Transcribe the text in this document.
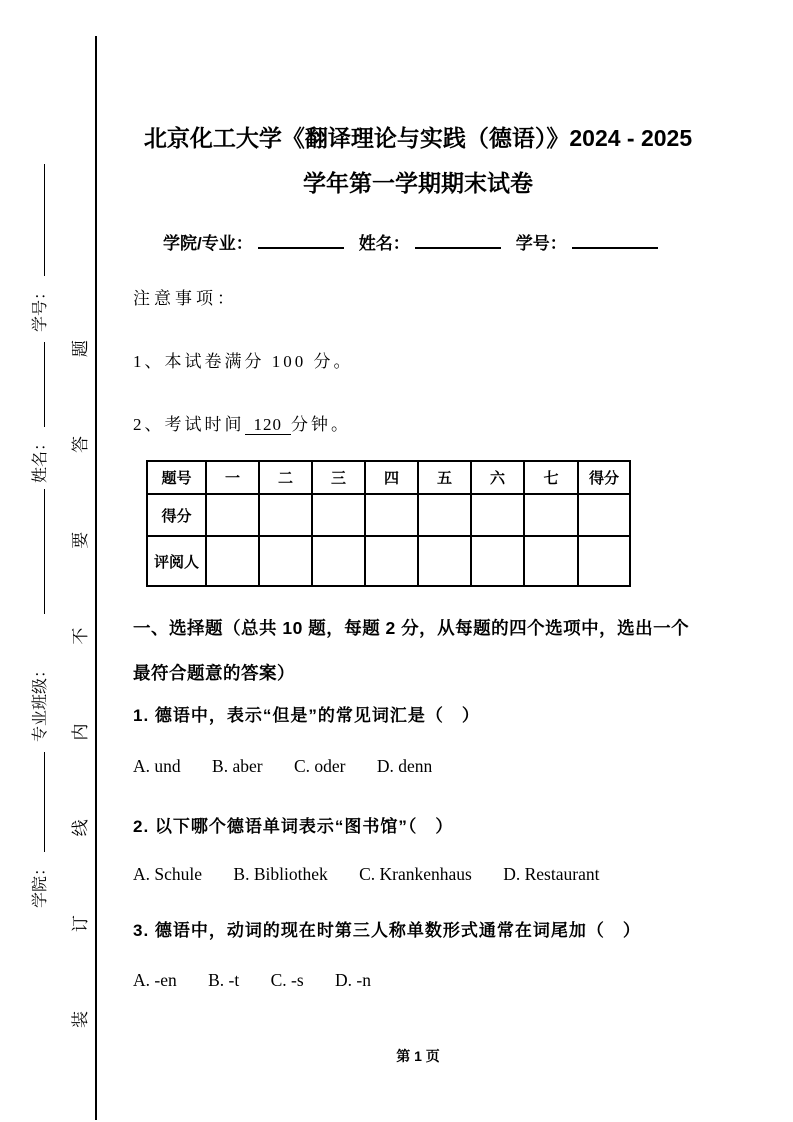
学院：专业班级：姓名：学号：
装
订
线
内
不
要
答
题
北京化工大学《翻译理论与实践（德语）》2024 - 2025
学年第一学期期末试卷
学院/专业：	姓名：	学号：
注意事项：
1、本试卷满分 100 分。
2、考试时间 120 分钟。
题号	一	二	三	四	五	六	七	得分
得分								
评阅人								
一、选择题（总共 10 题，每题 2 分，从每题的四个选项中，选出一个
最符合题意的答案）
1. 德语中，表示“但是”的常见词汇是（　）
A. und B. aber C. oder D. denn
2. 以下哪个德语单词表示“图书馆”（　）
A. Schule B. Bibliothek C. Krankenhaus D. Restaurant
3. 德语中，动词的现在时第三人称单数形式通常在词尾加（　）
A. -en B. -t C. -s D. -n
第 1 页
